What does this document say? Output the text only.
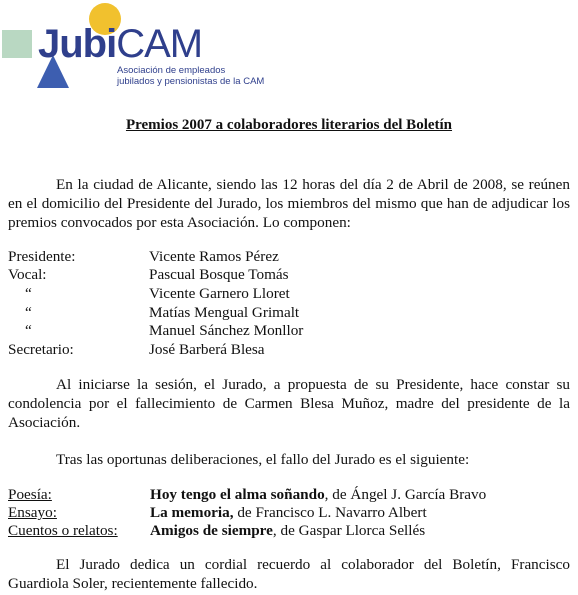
JubiCAM
Asociación de empleados
jubilados y pensionistas de la CAM
Premios 2007 a colaboradores literarios del Boletín

En la ciudad de Alicante, siendo las 12 horas del día 2 de Abril de 2008, se reúnen en el domicilio del Presidente del Jurado, los miembros del mismo que han de adjudicar los premios convocados por esta Asociación. Lo componen:

Presidente:	Vicente Ramos Pérez
Vocal:	Pascual Bosque Tomás
“	Vicente Garnero Lloret
“	Matías Mengual Grimalt
“	Manuel Sánchez Monllor
Secretario:	José Barberá Blesa

Al iniciarse la sesión, el Jurado, a propuesta de su Presidente, hace constar su condolencia por el fallecimiento de Carmen Blesa Muñoz, madre del presidente de la Asociación.

Tras las oportunas deliberaciones, el fallo del Jurado es el siguiente:

Poesía:	Hoy tengo el alma soñando, de Ángel J. García Bravo
Ensayo:	La memoria, de Francisco L. Navarro Albert
Cuentos o relatos: Amigos de siempre, de Gaspar Llorca Sellés

El Jurado dedica un cordial recuerdo al colaborador del Boletín, Francisco Guardiola Soler, recientemente fallecido.
